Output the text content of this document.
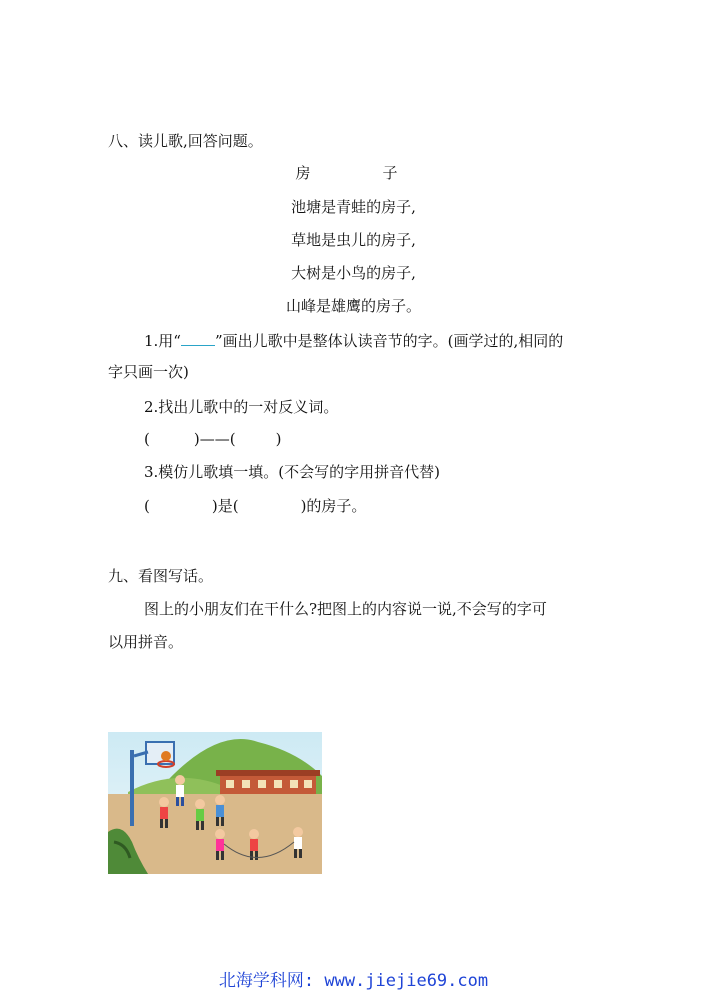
八、读儿歌,回答问题。
房　　子
池塘是青蛙的房子,
草地是虫儿的房子,
大树是小鸟的房子,
山峰是雄鹰的房子。
1.用“ ”画出儿歌中是整体认读音节的字。(画学过的,相同的
字只画一次)
2.找出儿歌中的一对反义词。
(	)——(	)
3.模仿儿歌填一填。(不会写的字用拼音代替)
(	)是(	)的房子。
九、看图写话。
图上的小朋友们在干什么?把图上的内容说一说,不会写的字可
以用拼音。
北海学科网: www.jiejie69.com
